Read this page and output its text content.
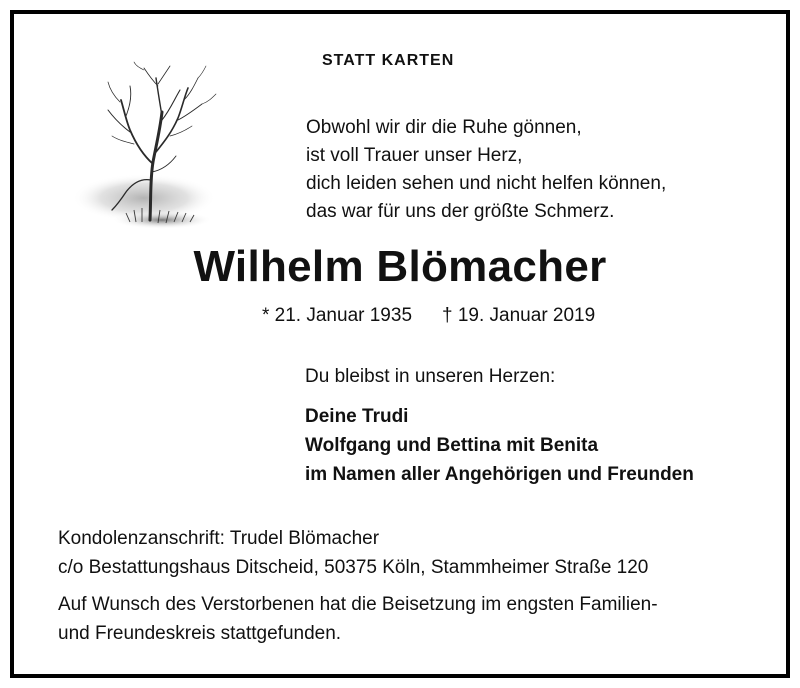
STATT KARTEN
Obwohl wir dir die Ruhe gönnen,
ist voll Trauer unser Herz,
dich leiden sehen und nicht helfen können,
das war für uns der größte Schmerz.
Wilhelm Blömacher
* 21. Januar 1935 † 19. Januar 2019
Du bleibst in unseren Herzen:
Deine Trudi
Wolfgang und Bettina mit Benita
im Namen aller Angehörigen und Freunden
Kondolenzanschrift: Trudel Blömacher
c/o Bestattungshaus Ditscheid, 50375 Köln, Stammheimer Straße 120
Auf Wunsch des Verstorbenen hat die Beisetzung im engsten Familien-
und Freundeskreis stattgefunden.
